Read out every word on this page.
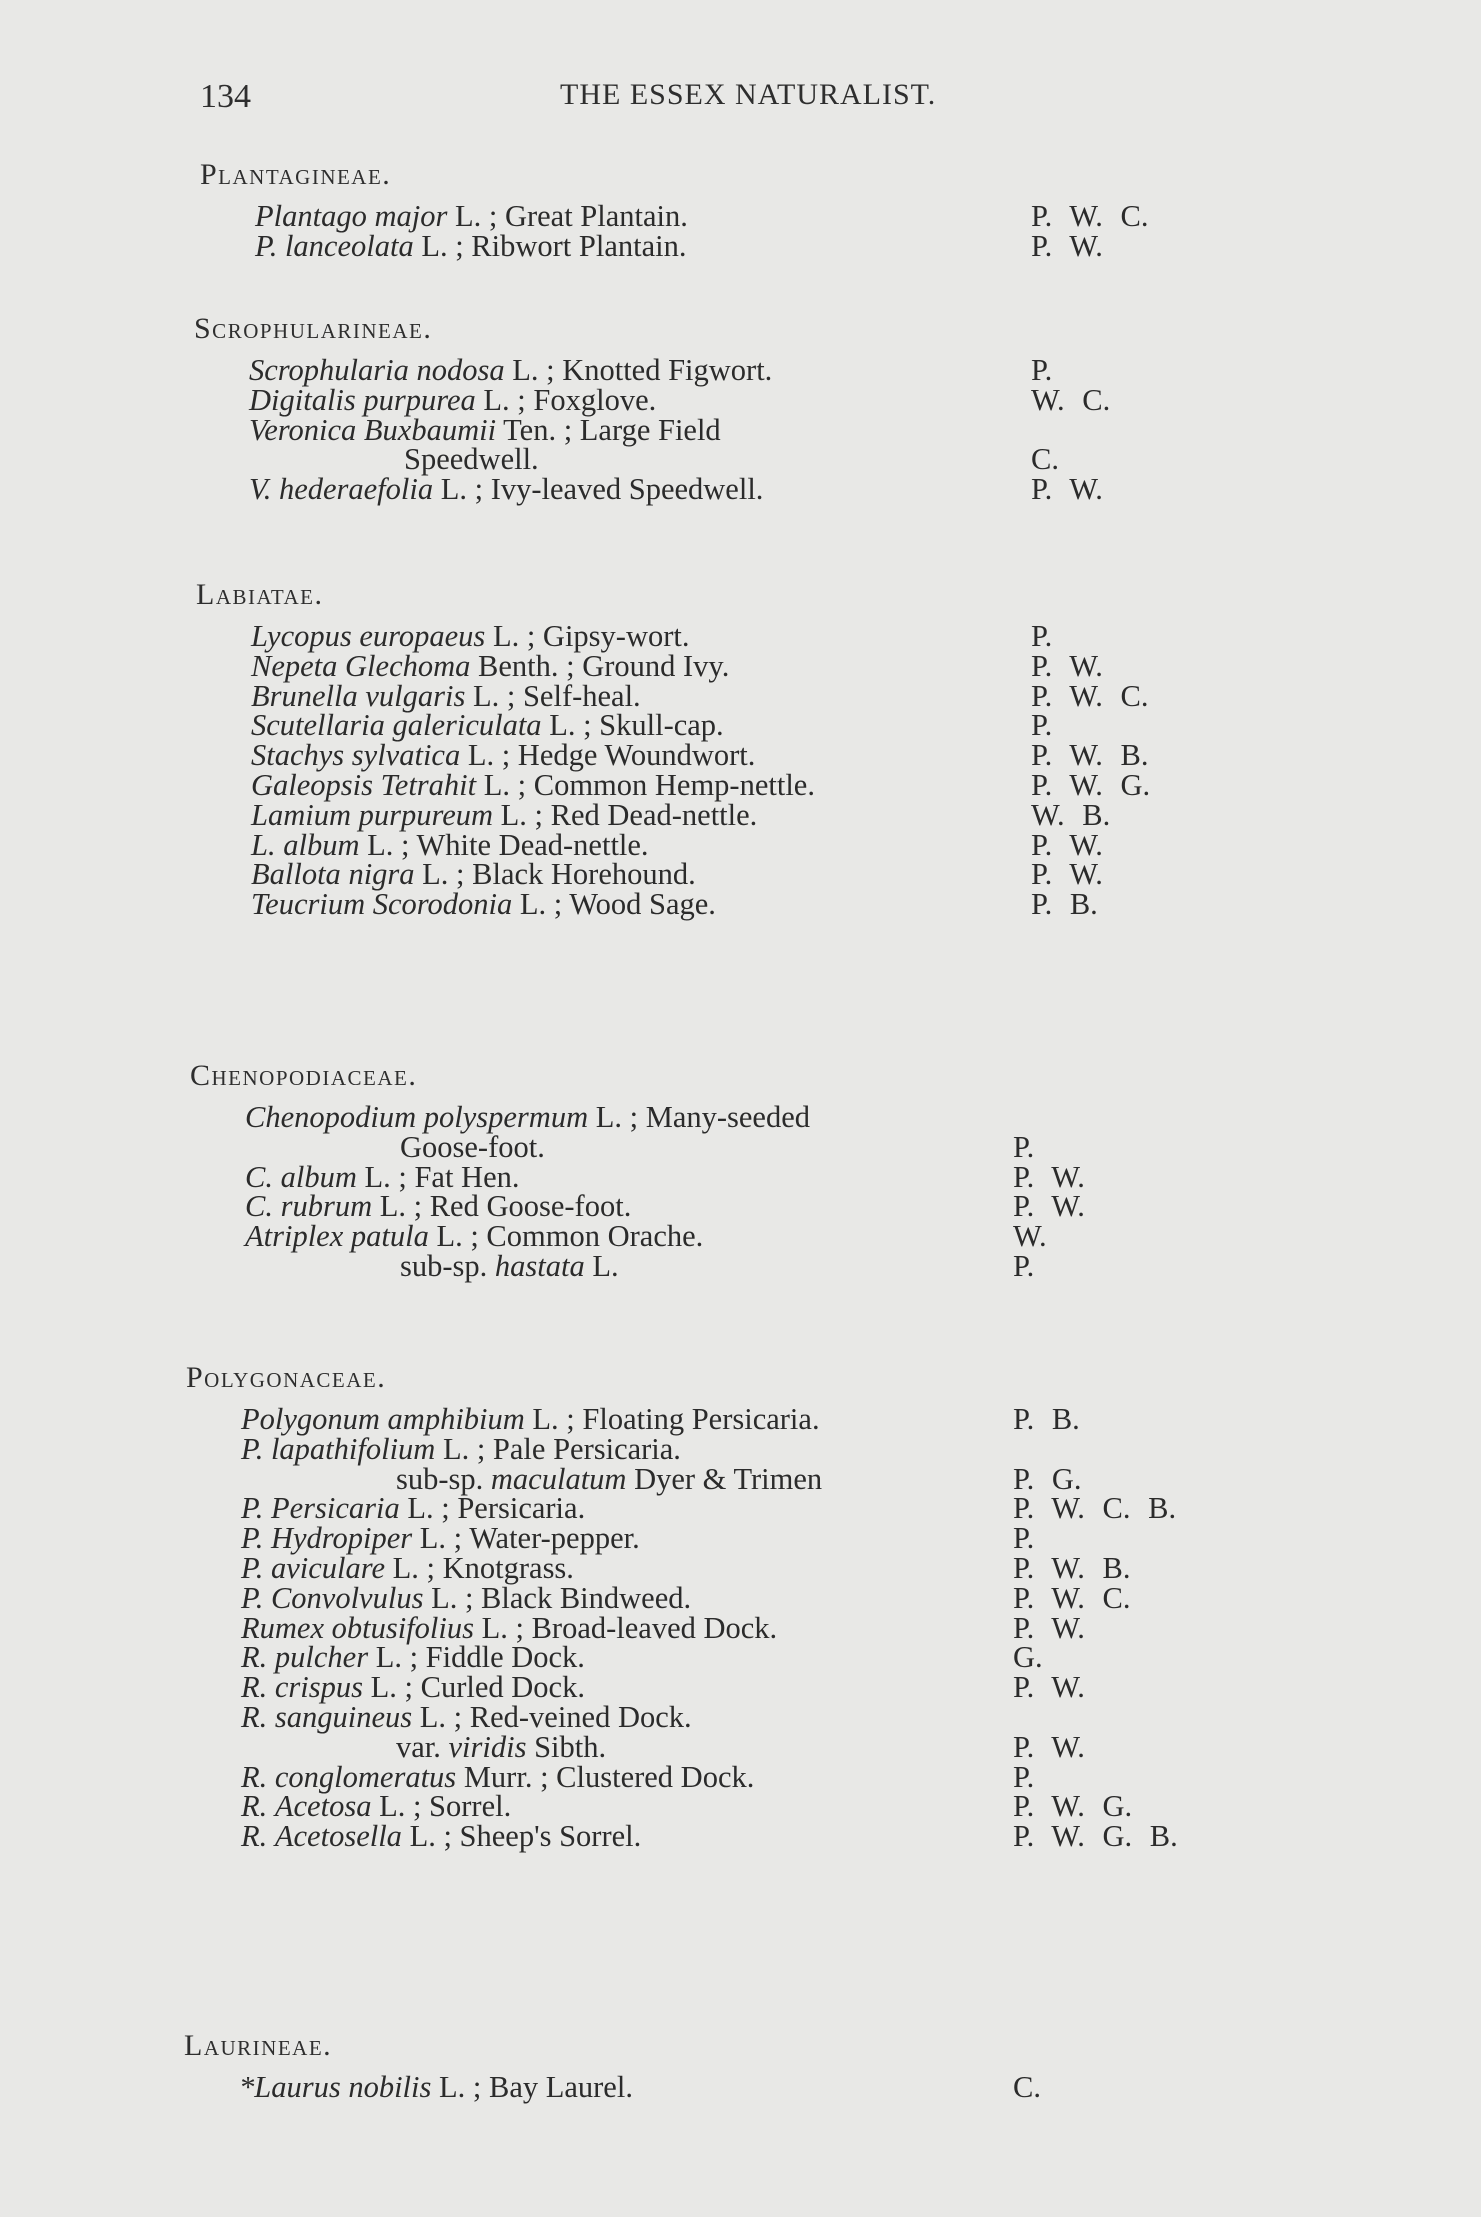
134	THE ESSEX NATURALIST.
Plantagineae.
Plantago major L. ; Great Plantain.	P. W. C.
P. lanceolata L. ; Ribwort Plantain.	P. W.
Scrophularineae.
Scrophularia nodosa L. ; Knotted Figwort.	P.
Digitalis purpurea L. ; Foxglove.	W. C.
Veronica Buxbaumii Ten. ; Large Field
Speedwell.	C.
V. hederaefolia L. ; Ivy-leaved Speedwell.	P. W.
Labiatae.
Lycopus europaeus L. ; Gipsy-wort.	P.
Nepeta Glechoma Benth. ; Ground Ivy.	P. W.
Brunella vulgaris L. ; Self-heal.	P. W. C.
Scutellaria galericulata L. ; Skull-cap.	P.
Stachys sylvatica L. ; Hedge Woundwort.	P. W. B.
Galeopsis Tetrahit L. ; Common Hemp-nettle.	P. W. G.
Lamium purpureum L. ; Red Dead-nettle.	W. B.
L. album L. ; White Dead-nettle.	P. W.
Ballota nigra L. ; Black Horehound.	P. W.
Teucrium Scorodonia L. ; Wood Sage.	P. B.
Chenopodiaceae.
Chenopodium polyspermum L. ; Many-seeded
Goose-foot.	P.
C. album L. ; Fat Hen.	P. W.
C. rubrum L. ; Red Goose-foot.	P. W.
Atriplex patula L. ; Common Orache.	W.
sub-sp. hastata L.	P.
Polygonaceae.
Polygonum amphibium L. ; Floating Persicaria.	P. B.
P. lapathifolium L. ; Pale Persicaria.
sub-sp. maculatum Dyer & Trimen	P. G.
P. Persicaria L. ; Persicaria.	P. W. C. B.
P. Hydropiper L. ; Water-pepper.	P.
P. aviculare L. ; Knotgrass.	P. W. B.
P. Convolvulus L. ; Black Bindweed.	P. W. C.
Rumex obtusifolius L. ; Broad-leaved Dock.	P. W.
R. pulcher L. ; Fiddle Dock.	G.
R. crispus L. ; Curled Dock.	P. W.
R. sanguineus L. ; Red-veined Dock.
var. viridis Sibth.	P. W.
R. conglomeratus Murr. ; Clustered Dock.	P.
R. Acetosa L. ; Sorrel.	P. W. G.
R. Acetosella L. ; Sheep's Sorrel.	P. W. G. B.
Laurineae.
*Laurus nobilis L. ; Bay Laurel.	C.
